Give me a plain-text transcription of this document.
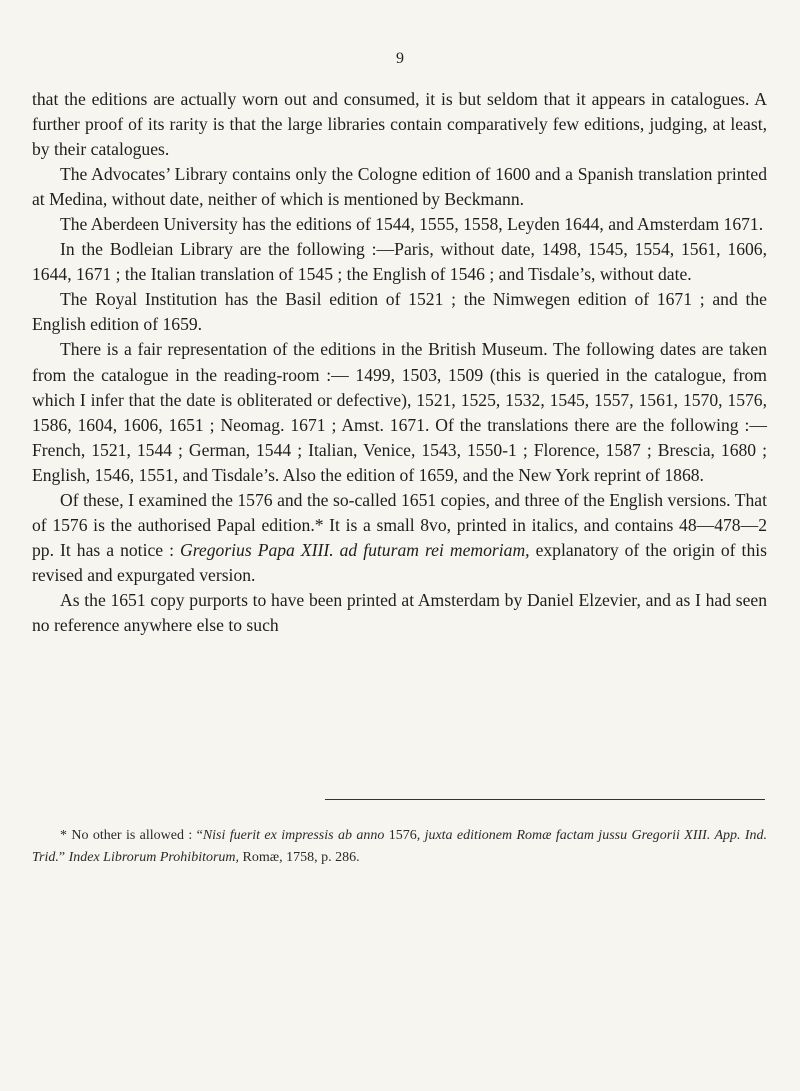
9

that the editions are actually worn out and consumed, it is but seldom that it appears in catalogues. A further proof of its rarity is that the large libraries contain comparatively few editions, judging, at least, by their catalogues.

The Advocates’ Library contains only the Cologne edition of 1600 and a Spanish translation printed at Medina, without date, neither of which is mentioned by Beckmann.

The Aberdeen University has the editions of 1544, 1555, 1558, Leyden 1644, and Amsterdam 1671.

In the Bodleian Library are the following :—Paris, without date, 1498, 1545, 1554, 1561, 1606, 1644, 1671 ; the Italian translation of 1545 ; the English of 1546 ; and Tisdale’s, without date.

The Royal Institution has the Basil edition of 1521 ; the Nimwegen edition of 1671 ; and the English edition of 1659.

There is a fair representation of the editions in the British Museum. The following dates are taken from the catalogue in the reading-room :— 1499, 1503, 1509 (this is queried in the catalogue, from which I infer that the date is obliterated or defective), 1521, 1525, 1532, 1545, 1557, 1561, 1570, 1576, 1586, 1604, 1606, 1651 ; Neomag. 1671 ; Amst. 1671. Of the translations there are the following :—French, 1521, 1544 ; German, 1544 ; Italian, Venice, 1543, 1550-1 ; Florence, 1587 ; Brescia, 1680 ; English, 1546, 1551, and Tisdale’s. Also the edition of 1659, and the New York reprint of 1868.

Of these, I examined the 1576 and the so-called 1651 copies, and three of the English versions. That of 1576 is the authorised Papal edition.* It is a small 8vo, printed in italics, and contains 48—478—2 pp. It has a notice : Gregorius Papa XIII. ad futuram rei memoriam, explanatory of the origin of this revised and expurgated version.

As the 1651 copy purports to have been printed at Amsterdam by Daniel Elzevier, and as I had seen no reference anywhere else to such

* No other is allowed : “Nisi fuerit ex impressis ab anno 1576, juxta editionem Romæ factam jussu Gregorii XIII. App. Ind. Trid.” Index Librorum Prohibitorum, Romæ, 1758, p. 286.
